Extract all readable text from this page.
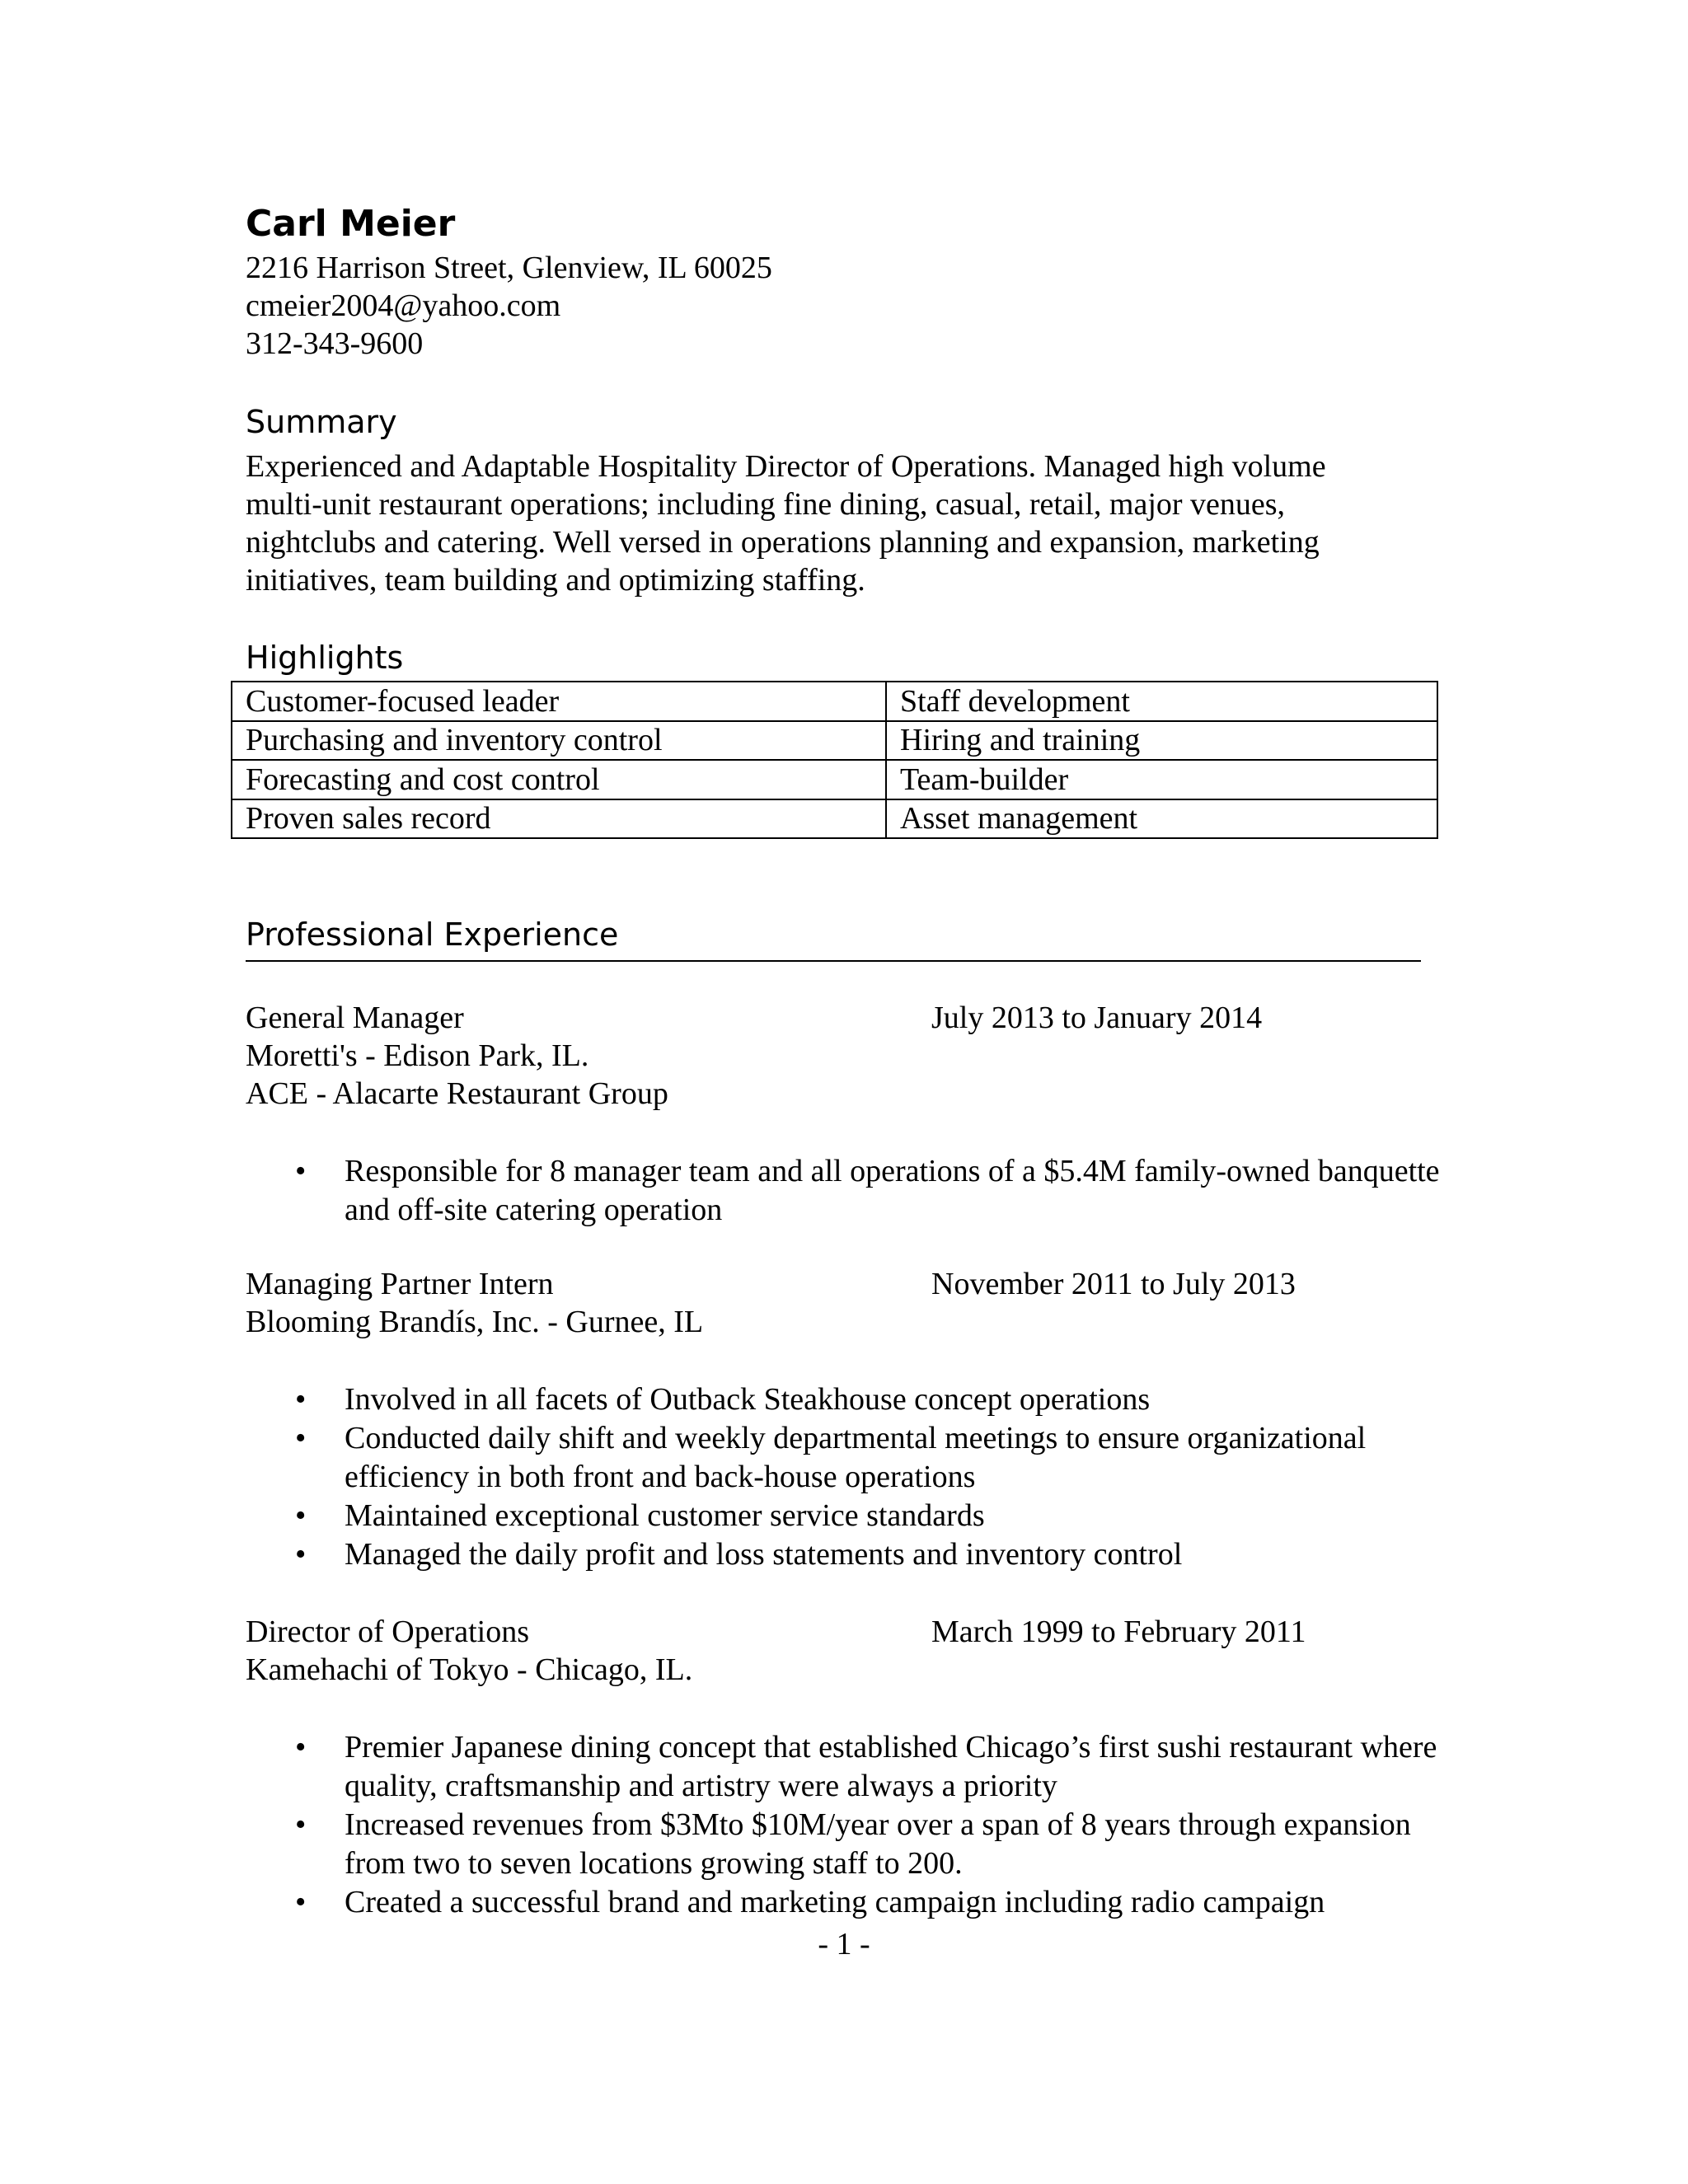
Carl Meier
2216 Harrison Street, Glenview, IL 60025
cmeier2004@yahoo.com
312-343-9600
Summary
Experienced and Adaptable Hospitality Director of Operations. Managed high volume
multi-unit restaurant operations; including fine dining, casual, retail, major venues,
nightclubs and catering. Well versed in operations planning and expansion, marketing
initiatives, team building and optimizing staffing.
Highlights
Customer-focused leader	Staff development
Purchasing and inventory control	Hiring and training
Forecasting and cost control	Team-builder
Proven sales record	Asset management
Professional Experience
General Manager	July 2013 to January 2014
Moretti's - Edison Park, IL.
ACE - Alacarte Restaurant Group
• Responsible for 8 manager team and all operations of a $5.4M family-owned banquette and off-site catering operation
Managing Partner Intern	November 2011 to July 2013
Blooming Brandís, Inc. - Gurnee, IL
• Involved in all facets of Outback Steakhouse concept operations
• Conducted daily shift and weekly departmental meetings to ensure organizational efficiency in both front and back-house operations
• Maintained exceptional customer service standards
• Managed the daily profit and loss statements and inventory control
Director of Operations	March 1999 to February 2011
Kamehachi of Tokyo - Chicago, IL.
• Premier Japanese dining concept that established Chicago’s first sushi restaurant where quality, craftsmanship and artistry were always a priority
• Increased revenues from $3Mto $10M/year over a span of 8 years through expansion from two to seven locations growing staff to 200.
• Created a successful brand and marketing campaign including radio campaign
- 1 -
